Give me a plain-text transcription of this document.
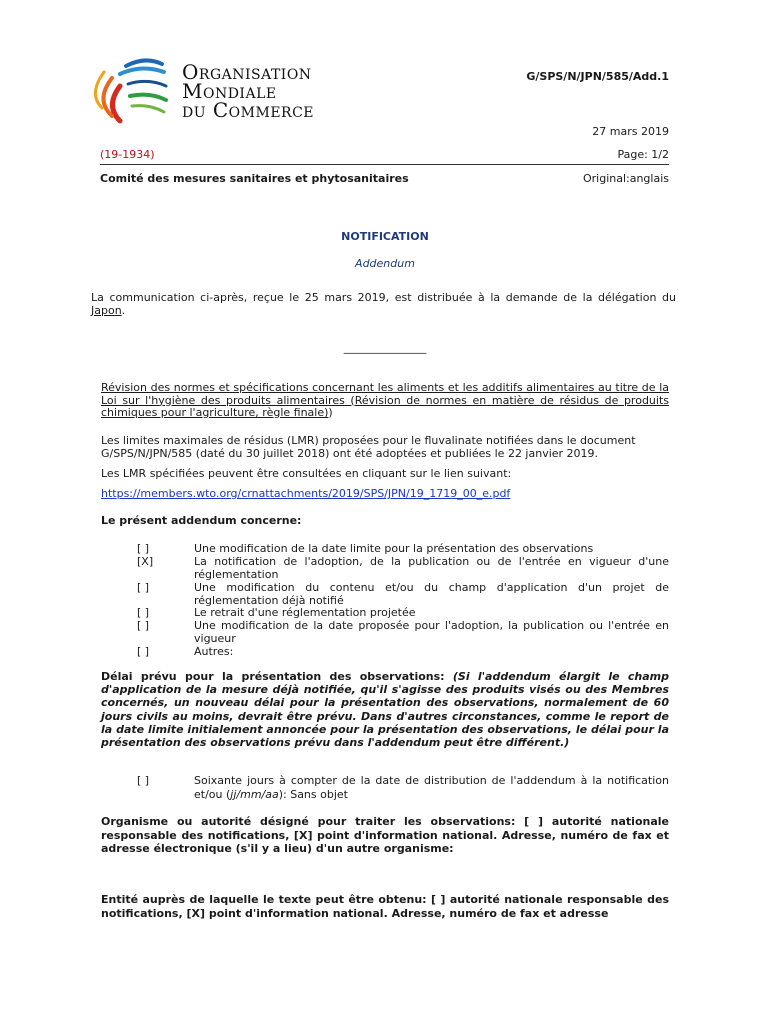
Organisation
Mondiale
du Commerce
G/SPS/N/JPN/585/Add.1
27 mars 2019
(19-1934)	Page: 1/2
Comité des mesures sanitaires et phytosanitaires	Original:anglais
NOTIFICATION
Addendum
La communication ci-après, reçue le 25 mars 2019, est distribuée à la demande de la délégation du Japon.
_______________
Révision des normes et spécifications concernant les aliments et les additifs alimentaires au titre de la Loi sur l'hygiène des produits alimentaires (Révision de normes en matière de résidus de produits chimiques pour l'agriculture, règle finale))
Les limites maximales de résidus (LMR) proposées pour le fluvalinate notifiées dans le document G/SPS/N/JPN/585 (daté du 30 juillet 2018) ont été adoptées et publiées le 22 janvier 2019.
Les LMR spécifiées peuvent être consultées en cliquant sur le lien suivant:
https://members.wto.org/crnattachments/2019/SPS/JPN/19_1719_00_e.pdf
Le présent addendum concerne:
[ ]	Une modification de la date limite pour la présentation des observations
[X]	La notification de l'adoption, de la publication ou de l'entrée en vigueur d'une réglementation
[ ]	Une modification du contenu et/ou du champ d'application d'un projet de réglementation déjà notifié
[ ]	Le retrait d'une réglementation projetée
[ ]	Une modification de la date proposée pour l'adoption, la publication ou l'entrée en vigueur
[ ]	Autres:
Délai prévu pour la présentation des observations: (Si l'addendum élargit le champ d'application de la mesure déjà notifiée, qu'il s'agisse des produits visés ou des Membres concernés, un nouveau délai pour la présentation des observations, normalement de 60 jours civils au moins, devrait être prévu. Dans d'autres circonstances, comme le report de la date limite initialement annoncée pour la présentation des observations, le délai pour la présentation des observations prévu dans l'addendum peut être différent.)
[ ]	Soixante jours à compter de la date de distribution de l'addendum à la notification et/ou (jj/mm/aa): Sans objet
Organisme ou autorité désigné pour traiter les observations: [ ] autorité nationale responsable des notifications, [X] point d'information national. Adresse, numéro de fax et adresse électronique (s'il y a lieu) d'un autre organisme:
Entité auprès de laquelle le texte peut être obtenu: [ ] autorité nationale responsable des notifications, [X] point d'information national. Adresse, numéro de fax et adresse
